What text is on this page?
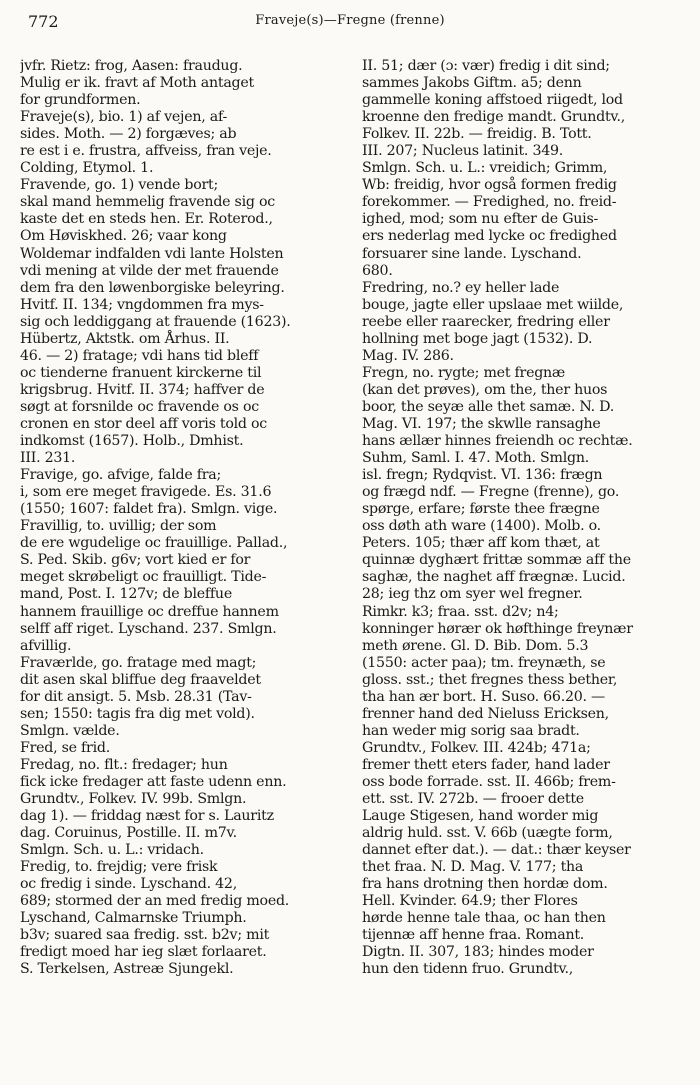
772	Fraveje(s)—Fregne (frenne)
jvfr. Rietz: frog, Aasen: fraudug.
Mulig er ik. fravt af Moth antaget
for grundformen.
Fraveje(s), bio. 1) af vejen, af-
sides. Moth. — 2) forgæves; ab
re est i e. frustra, affveiss, fran veje.
Colding, Etymol. 1.
Fravende, go. 1) vende bort;
skal mand hemmelig fravende sig oc
kaste det en steds hen. Er. Roterod.,
Om Høviskhed. 26; vaar kong
Woldemar indfalden vdi lante Holsten
vdi mening at vilde der met frauende
dem fra den løwenborgiske beleyring.
Hvitf. II. 134; vngdommen fra mys-
sig och leddiggang at frauende (1623).
Hübertz, Aktstk. om Århus. II.
46. — 2) fratage; vdi hans tid bleff
oc tienderne franuent kirckerne til
krigsbrug. Hvitf. II. 374; haffver de
søgt at forsnilde oc fravende os oc
cronen en stor deel aff voris told oc
indkomst (1657). Holb., Dmhist.
III. 231.
Fravige, go. afvige, falde fra;
i, som ere meget fravigede. Es. 31.6
(1550; 1607: faldet fra). Smlgn. vige.
Fravillig, to. uvillig; der som
de ere wgudelige oc frauillige. Pallad.,
S. Ped. Skib. g6v; vort kied er for
meget skrøbeligt oc frauilligt. Tide-
mand, Post. I. 127v; de bleffue
hannem frauillige oc dreffue hannem
selff aff riget. Lyschand. 237. Smlgn.
afvillig.
Fraværlde, go. fratage med magt;
dit asen skal bliffue deg fraaveldet
for dit ansigt. 5. Msb. 28.31 (Tav-
sen; 1550: tagis fra dig met vold).
Smlgn. vælde.
Fred, se frid.
Fredag, no. flt.: fredager; hun
fick icke fredager att faste udenn enn.
Grundtv., Folkev. IV. 99b. Smlgn.
dag 1). — friddag næst for s. Lauritz
dag. Coruinus, Postille. II. m7v.
Smlgn. Sch. u. L.: vridach.
Fredig, to. frejdig; vere frisk
oc fredig i sinde. Lyschand. 42,
689; stormed der an med fredig moed.
Lyschand, Calmarnske Triumph.
b3v; suared saa fredig. sst. b2v; mit
fredigt moed har ieg slæt forlaaret.
S. Terkelsen, Astreæ Sjungekl.
II. 51; dær (ɔ: vær) fredig i dit sind;
sammes Jakobs Giftm. a5; denn
gammelle koning affstoed riigedt, lod
kroenne den fredige mandt. Grundtv.,
Folkev. II. 22b. — freidig. B. Tott.
III. 207; Nucleus latinit. 349.
Smlgn. Sch. u. L.: vreidich; Grimm,
Wb: freidig, hvor også formen fredig
forekommer. — Fredighed, no. freid-
ighed, mod; som nu efter de Guis-
ers nederlag med lycke oc fredighed
forsuarer sine lande. Lyschand.
680.
Fredring, no.? ey heller lade
bouge, jagte eller upslaae met wiilde,
reebe eller raarecker, fredring eller
hollning met boge jagt (1532). D.
Mag. IV. 286.
Fregn, no. rygte; met fregnæ
(kan det prøves), om the, ther huos
boor, the seyæ alle thet samæ. N. D.
Mag. VI. 197; the skwlle ransaghe
hans ællær hinnes freiendh oc rechtæ.
Suhm, Saml. I. 47. Moth. Smlgn.
isl. fregn; Rydqvist. VI. 136: frægn
og frægd ndf. — Fregne (frenne), go.
spørge, erfare; første thee frægne
oss døth ath ware (1400). Molb. o.
Peters. 105; thær aff kom thæt, at
quinnæ dyghært frittæ sommæ aff the
saghæ, the naghet aff frægnæ. Lucid.
28; ieg thz om syer wel fregner.
Rimkr. k3; fraa. sst. d2v; n4;
konninger hørær ok høfthinge freynær
meth ørene. Gl. D. Bib. Dom. 5.3
(1550: acter paa); tm. freynæth, se
gloss. sst.; thet fregnes thess bether,
tha han ær bort. H. Suso. 66.20. —
frenner hand ded Nieluss Ericksen,
han weder mig sorig saa bradt.
Grundtv., Folkev. III. 424b; 471a;
fremer thett eters fader, hand lader
oss bode forrade. sst. II. 466b; frem-
ett. sst. IV. 272b. — frooer dette
Lauge Stigesen, hand worder mig
aldrig huld. sst. V. 66b (uægte form,
dannet efter dat.). — dat.: thær keyser
thet fraa. N. D. Mag. V. 177; tha
fra hans drotning then hordæ dom.
Hell. Kvinder. 64.9; ther Flores
hørde henne tale thaa, oc han then
tijennæ aff henne fraa. Romant.
Digtn. II. 307, 183; hindes moder
hun den tidenn fruo. Grundtv.,
